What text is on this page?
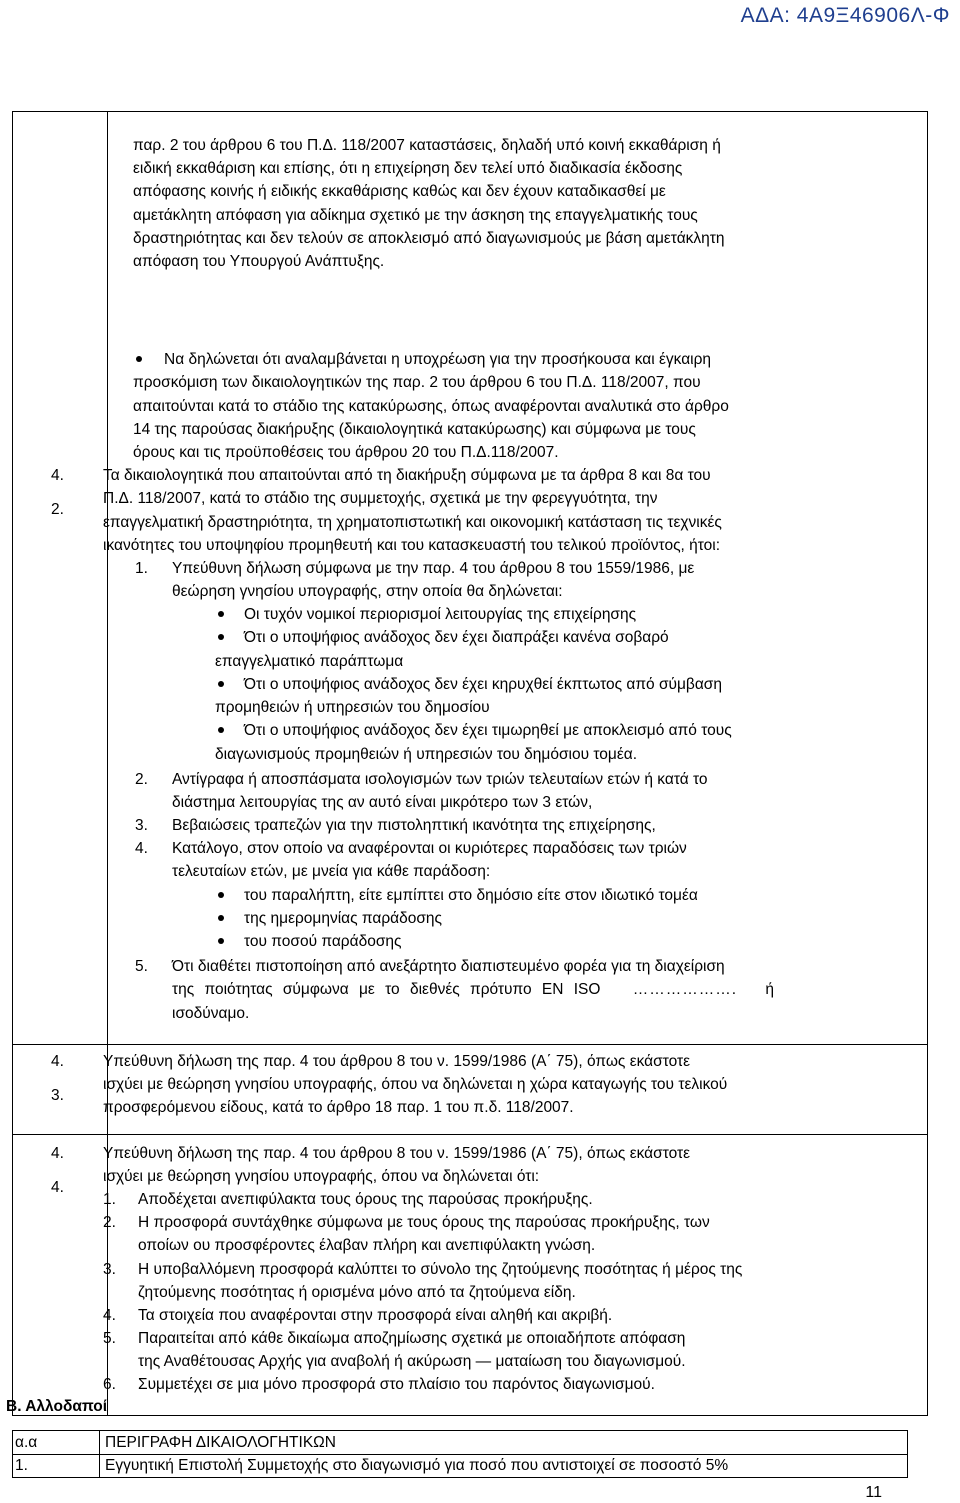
ΑΔΑ: 4Α9Ξ46906Λ-Φ
παρ. 2 του άρθρου 6 του Π.Δ. 118/2007 καταστάσεις, δηλαδή υπό κοινή εκκαθάριση ή
ειδική εκκαθάριση και επίσης, ότι η επιχείρηση δεν τελεί υπό διαδικασία έκδοσης
απόφασης κοινής ή ειδικής εκκαθάρισης καθώς και δεν έχουν καταδικασθεί με
αμετάκλητη απόφαση για αδίκημα σχετικό με την άσκηση της επαγγελματικής τους
δραστηριότητας και δεν τελούν σε αποκλεισμό από διαγωνισμούς με βάση αμετάκλητη
απόφαση του Υπουργού Ανάπτυξης.
Να δηλώνεται ότι αναλαμβάνεται η υποχρέωση για την προσήκουσα και έγκαιρη
προσκόμιση των δικαιολογητικών της παρ. 2 του άρθρου 6 του Π.Δ. 118/2007, που
απαιτούνται κατά το στάδιο της κατακύρωσης, όπως αναφέρονται αναλυτικά στο άρθρο
14 της παρούσας διακήρυξης (δικαιολογητικά κατακύρωσης) και σύμφωνα με τους
όρους και τις προϋποθέσεις του άρθρου 20 του Π.Δ.118/2007.
4.
2.
Τα δικαιολογητικά που απαιτούνται από τη διακήρυξη σύμφωνα με τα άρθρα 8 και 8α του
Π.Δ. 118/2007, κατά το στάδιο της συμμετοχής, σχετικά με την φερεγγυότητα, την
επαγγελματική δραστηριότητα, τη χρηματοπιστωτική και οικονομική κατάσταση τις τεχνικές
ικανότητες του υποψηφίου προμηθευτή και του κατασκευαστή του τελικού προϊόντος, ήτοι:
1. Υπεύθυνη δήλωση σύμφωνα με την παρ. 4 του άρθρου 8 του 1559/1986, με
θεώρηση γνησίου υπογραφής, στην οποία θα δηλώνεται:
Οι τυχόν νομικοί περιορισμοί λειτουργίας της επιχείρησης
Ότι ο υποψήφιος ανάδοχος δεν έχει διαπράξει κανένα σοβαρό
επαγγελματικό παράπτωμα
Ότι ο υποψήφιος ανάδοχος δεν έχει κηρυχθεί έκπτωτος από σύμβαση
προμηθειών ή υπηρεσιών του δημοσίου
Ότι ο υποψήφιος ανάδοχος δεν έχει τιμωρηθεί με αποκλεισμό από τους
διαγωνισμούς προμηθειών ή υπηρεσιών του δημόσιου τομέα.
2. Αντίγραφα ή αποσπάσματα ισολογισμών των τριών τελευταίων ετών ή κατά το
διάστημα λειτουργίας της αν αυτό είναι μικρότερο των 3 ετών,
3. Βεβαιώσεις τραπεζών για την πιστοληπτική ικανότητα της επιχείρησης,
4. Κατάλογο, στον οποίο να αναφέρονται οι κυριότερες παραδόσεις των τριών
τελευταίων ετών, με μνεία για κάθε παράδοση:
του παραλήπτη, είτε εμπίπτει στο δημόσιο είτε στον ιδιωτικό τομέα
της ημερομηνίας παράδοσης
του ποσού παράδοσης
5. Ότι διαθέτει πιστοποίηση από ανεξάρτητο διαπιστευμένο φορέα για τη διαχείριση
της ποιότητας σύμφωνα με το διεθνές πρότυπο EN ISO ………………. ή
ισοδύναμο.
4.
3.
Υπεύθυνη δήλωση της παρ. 4 του άρθρου 8 του ν. 1599/1986 (Α΄ 75), όπως εκάστοτε
ισχύει με θεώρηση γνησίου υπογραφής, όπου να δηλώνεται η χώρα καταγωγής του τελικού
προσφερόμενου είδους, κατά το άρθρο 18 παρ. 1 του π.δ. 118/2007.
4.
4.
Υπεύθυνη δήλωση της παρ. 4 του άρθρου 8 του ν. 1599/1986 (Α΄ 75), όπως εκάστοτε
ισχύει με θεώρηση γνησίου υπογραφής, όπου να δηλώνεται ότι:
1. Αποδέχεται ανεπιφύλακτα τους όρους της παρούσας προκήρυξης.
2. Η προσφορά συντάχθηκε σύμφωνα με τους όρους της παρούσας προκήρυξης, των
οποίων ου προσφέροντες έλαβαν πλήρη και ανεπιφύλακτη γνώση.
3. Η υποβαλλόμενη προσφορά καλύπτει το σύνολο της ζητούμενης ποσότητας ή μέρος της
ζητούμενης ποσότητας ή ορισμένα μόνο από τα ζητούμενα είδη.
4. Τα στοιχεία που αναφέρονται στην προσφορά είναι αληθή και ακριβή.
5. Παραιτείται από κάθε δικαίωμα αποζημίωσης σχετικά με οποιαδήποτε απόφαση
της Αναθέτουσας Αρχής για αναβολή ή ακύρωση — ματαίωση του διαγωνισμού.
6. Συμμετέχει σε μια μόνο προσφορά στο πλαίσιο του παρόντος διαγωνισμού.
Β. Αλλοδαποί
α.α	ΠΕΡΙΓΡΑΦΗ ΔΙΚΑΙΟΛΟΓΗΤΙΚΩΝ
1.	Εγγυητική Επιστολή Συμμετοχής στο διαγωνισμό για ποσό που αντιστοιχεί σε ποσοστό 5%
11
